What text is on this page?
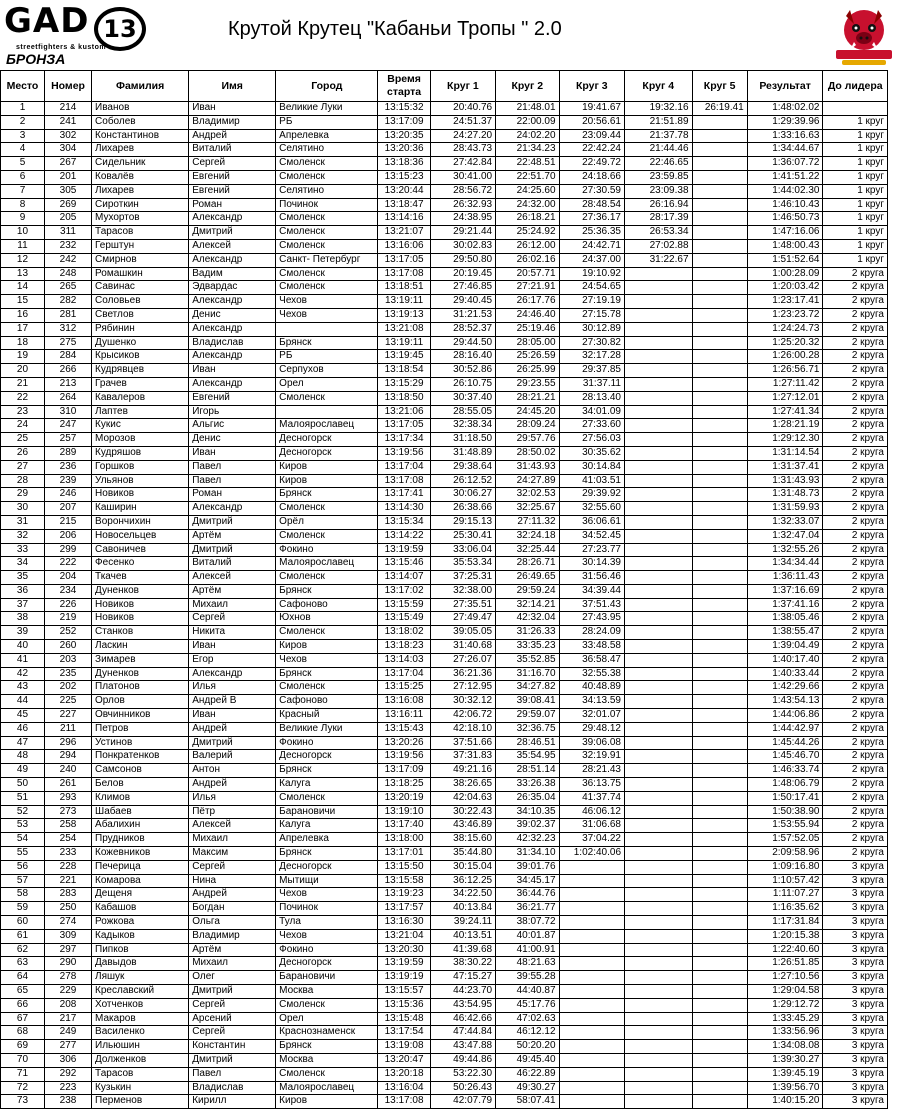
GAD 13
streetfighters & kustom
БРОНЗА
Крутой Крутец "Кабаньи Тропы " 2.0
Место	Номер	Фамилия	Имя	Город	Время старта	Круг 1	Круг 2	Круг 3	Круг 4	Круг 5	Результат	До лидера
1	214	Иванов	Иван	Великие Луки	13:15:32	20:40.76	21:48.01	19:41.67	19:32.16	26:19.41	1:48:02.02	
2	241	Соболев	Владимир	РБ	13:17:09	24:51.37	22:00.09	20:56.61	21:51.89		1:29:39.96	1 круг
3	302	Константинов	Андрей	Апрелевка	13:20:35	24:27.20	24:02.20	23:09.44	21:37.78		1:33:16.63	1 круг
4	304	Лихарев	Виталий	Селятино	13:20:36	28:43.73	21:34.23	22:42.24	21:44.46		1:34:44.67	1 круг
5	267	Сидельник	Сергей	Смоленск	13:18:36	27:42.84	22:48.51	22:49.72	22:46.65		1:36:07.72	1 круг
6	201	Ковалёв	Евгений	Смоленск	13:15:23	30:41.00	22:51.70	24:18.66	23:59.85		1:41:51.22	1 круг
7	305	Лихарев	Евгений	Селятино	13:20:44	28:56.72	24:25.60	27:30.59	23:09.38		1:44:02.30	1 круг
8	269	Сироткин	Роман	Починок	13:18:47	26:32.93	24:32.00	28:48.54	26:16.94		1:46:10.43	1 круг
9	205	Мухортов	Александр	Смоленск	13:14:16	24:38.95	26:18.21	27:36.17	28:17.39		1:46:50.73	1 круг
10	311	Тарасов	Дмитрий	Смоленск	13:21:07	29:21.44	25:24.92	25:36.35	26:53.34		1:47:16.06	1 круг
11	232	Герштун	Алексей	Смоленск	13:16:06	30:02.83	26:12.00	24:42.71	27:02.88		1:48:00.43	1 круг
12	242	Смирнов	Александр	Санкт- Петербург	13:17:05	29:50.80	26:02.16	24:37.00	31:22.67		1:51:52.64	1 круг
13	248	Ромашкин	Вадим	Смоленск	13:17:08	20:19.45	20:57.71	19:10.92			1:00:28.09	2 круга
14	265	Савинас	Эдвардас	Смоленск	13:18:51	27:46.85	27:21.91	24:54.65			1:20:03.42	2 круга
15	282	Соловьев	Александр	Чехов	13:19:11	29:40.45	26:17.76	27:19.19			1:23:17.41	2 круга
16	281	Светлов	Денис	Чехов	13:19:13	31:21.53	24:46.40	27:15.78			1:23:23.72	2 круга
17	312	Рябинин	Александр		13:21:08	28:52.37	25:19.46	30:12.89			1:24:24.73	2 круга
18	275	Душенко	Владислав	Брянск	13:19:11	29:44.50	28:05.00	27:30.82			1:25:20.32	2 круга
19	284	Крысиков	Александр	РБ	13:19:45	28:16.40	25:26.59	32:17.28			1:26:00.28	2 круга
20	266	Кудрявцев	Иван	Серпухов	13:18:54	30:52.86	26:25.99	29:37.85			1:26:56.71	2 круга
21	213	Грачев	Александр	Орел	13:15:29	26:10.75	29:23.55	31:37.11			1:27:11.42	2 круга
22	264	Кавалеров	Евгений	Смоленск	13:18:50	30:37.40	28:21.21	28:13.40			1:27:12.01	2 круга
23	310	Лаптев	Игорь		13:21:06	28:55.05	24:45.20	34:01.09			1:27:41.34	2 круга
24	247	Кукис	Альгис	Малоярославец	13:17:05	32:38.34	28:09.24	27:33.60			1:28:21.19	2 круга
25	257	Морозов	Денис	Десногорск	13:17:34	31:18.50	29:57.76	27:56.03			1:29:12.30	2 круга
26	289	Кудряшов	Иван	Десногорск	13:19:56	31:48.89	28:50.02	30:35.62			1:31:14.54	2 круга
27	236	Горшков	Павел	Киров	13:17:04	29:38.64	31:43.93	30:14.84			1:31:37.41	2 круга
28	239	Ульянов	Павел	Киров	13:17:08	26:12.52	24:27.89	41:03.51			1:31:43.93	2 круга
29	246	Новиков	Роман	Брянск	13:17:41	30:06.27	32:02.53	29:39.92			1:31:48.73	2 круга
30	207	Каширин	Александр	Смоленск	13:14:30	26:38.66	32:25.67	32:55.60			1:31:59.93	2 круга
31	215	Ворончихин	Дмитрий	Орёл	13:15:34	29:15.13	27:11.32	36:06.61			1:32:33.07	2 круга
32	206	Новосельцев	Артём	Смоленск	13:14:22	25:30.41	32:24.18	34:52.45			1:32:47.04	2 круга
33	299	Савоничев	Дмитрий	Фокино	13:19:59	33:06.04	32:25.44	27:23.77			1:32:55.26	2 круга
34	222	Фесенко	Виталий	Малоярославец	13:15:46	35:53.34	28:26.71	30:14.39			1:34:34.44	2 круга
35	204	Ткачев	Алексей	Смоленск	13:14:07	37:25.31	26:49.65	31:56.46			1:36:11.43	2 круга
36	234	Дуненков	Артём	Брянск	13:17:02	32:38.00	29:59.24	34:39.44			1:37:16.69	2 круга
37	226	Новиков	Михаил	Сафоново	13:15:59	27:35.51	32:14.21	37:51.43			1:37:41.16	2 круга
38	219	Новиков	Сергей	Юхнов	13:15:49	27:49.47	42:32.04	27:43.95			1:38:05.46	2 круга
39	252	Станков	Никита	Смоленск	13:18:02	39:05.05	31:26.33	28:24.09			1:38:55.47	2 круга
40	260	Ласкин	Иван	Киров	13:18:23	31:40.68	33:35.23	33:48.58			1:39:04.49	2 круга
41	203	Зимарев	Егор	Чехов	13:14:03	27:26.07	35:52.85	36:58.47			1:40:17.40	2 круга
42	235	Дуненков	Александр	Брянск	13:17:04	36:21.36	31:16.70	32:55.38			1:40:33.44	2 круга
43	202	Платонов	Илья	Смоленск	13:15:25	27:12.95	34:27.82	40:48.89			1:42:29.66	2 круга
44	225	Орлов	Андрей В	Сафоново	13:16:08	30:32.12	39:08.41	34:13.59			1:43:54.13	2 круга
45	227	Овчинников	Иван	Красный	13:16:11	42:06.72	29:59.07	32:01.07			1:44:06.86	2 круга
46	211	Петров	Андрей	Великие Луки	13:15:43	42:18.10	32:36.75	29:48.12			1:44:42.97	2 круга
47	296	Устинов	Дмитрий	Фокино	13:20:26	37:51.66	28:46.51	39:06.08			1:45:44.26	2 круга
48	294	Понкратенков	Валерий	Десногорск	13:19:56	37:31.83	35:54.95	32:19.91			1:45:46.70	2 круга
49	240	Самсонов	Антон	Брянск	13:17:09	49:21.16	28:51.14	28:21.43			1:46:33.74	2 круга
50	261	Белов	Андрей	Калуга	13:18:25	38:26.65	33:26.38	36:13.75			1:48:06.79	2 круга
51	293	Климов	Илья	Смоленск	13:20:19	42:04.63	26:35.04	41:37.74			1:50:17.41	2 круга
52	273	Шабаев	Пётр	Барановичи	13:19:10	30:22.43	34:10.35	46:06.12			1:50:38.90	2 круга
53	258	Абалихин	Алексей	Калуга	13:17:40	43:46.89	39:02.37	31:06.68			1:53:55.94	2 круга
54	254	Прудников	Михаил	Апрелевка	13:18:00	38:15.60	42:32.23	37:04.22			1:57:52.05	2 круга
55	233	Кожевников	Максим	Брянск	13:17:01	35:44.80	31:34.10	1:02:40.06			2:09:58.96	2 круга
56	228	Печерица	Сергей	Десногорск	13:15:50	30:15.04	39:01.76				1:09:16.80	3 круга
57	221	Комарова	Нина	Мытищи	13:15:58	36:12.25	34:45.17				1:10:57.42	3 круга
58	283	Дещеня	Андрей	Чехов	13:19:23	34:22.50	36:44.76				1:11:07.27	3 круга
59	250	Кабашов	Богдан	Починок	13:17:57	40:13.84	36:21.77				1:16:35.62	3 круга
60	274	Рожкова	Ольга	Тула	13:16:30	39:24.11	38:07.72				1:17:31.84	3 круга
61	309	Кадыков	Владимир	Чехов	13:21:04	40:13.51	40:01.87				1:20:15.38	3 круга
62	297	Пипков	Артём	Фокино	13:20:30	41:39.68	41:00.91				1:22:40.60	3 круга
63	290	Давыдов	Михаил	Десногорск	13:19:59	38:30.22	48:21.63				1:26:51.85	3 круга
64	278	Ляшук	Олег	Барановичи	13:19:19	47:15.27	39:55.28				1:27:10.56	3 круга
65	229	Креславский	Дмитрий	Москва	13:15:57	44:23.70	44:40.87				1:29:04.58	3 круга
66	208	Хотченков	Сергей	Смоленск	13:15:36	43:54.95	45:17.76				1:29:12.72	3 круга
67	217	Макаров	Арсений	Орел	13:15:48	46:42.66	47:02.63				1:33:45.29	3 круга
68	249	Василенко	Сергей	Краснознаменск	13:17:54	47:44.84	46:12.12				1:33:56.96	3 круга
69	277	Ильюшин	Константин	Брянск	13:19:08	43:47.88	50:20.20				1:34:08.08	3 круга
70	306	Долженков	Дмитрий	Москва	13:20:47	49:44.86	49:45.40				1:39:30.27	3 круга
71	292	Тарасов	Павел	Смоленск	13:20:18	53:22.30	46:22.89				1:39:45.19	3 круга
72	223	Кузькин	Владислав	Малоярославец	13:16:04	50:26.43	49:30.27				1:39:56.70	3 круга
73	238	Перменов	Кирилл	Киров	13:17:08	42:07.79	58:07.41				1:40:15.20	3 круга
